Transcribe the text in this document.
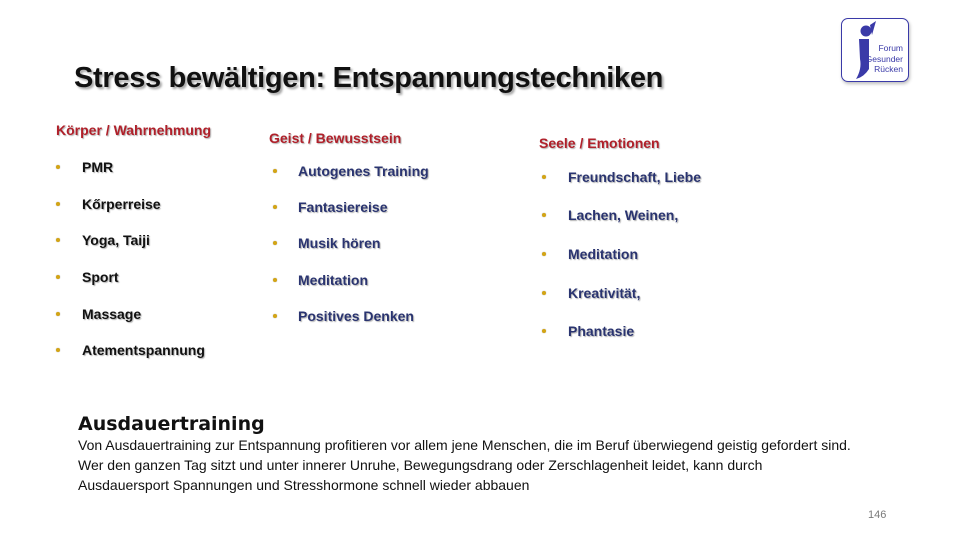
Stress bewältigen: Entspannungstechniken
Forum
Gesunder
Rücken
Körper / Wahrnehmung
PMR
Kőrperreise
Yoga, Taiji
Sport
Massage
Atementspannung
Geist / Bewusstsein
Autogenes Training
Fantasiereise
Musik hören
Meditation
Positives Denken
Seele / Emotionen
Freundschaft, Liebe
Lachen, Weinen,
Meditation
Kreativität,
Phantasie
Ausdauertraining
Von Ausdauertraining zur Entspannung profitieren vor allem jene Menschen, die im Beruf überwiegend geistig gefordert sind.
Wer den ganzen Tag sitzt und unter innerer Unruhe, Bewegungsdrang oder Zerschlagenheit leidet, kann durch
Ausdauersport Spannungen und Stresshormone schnell wieder abbauen
146
